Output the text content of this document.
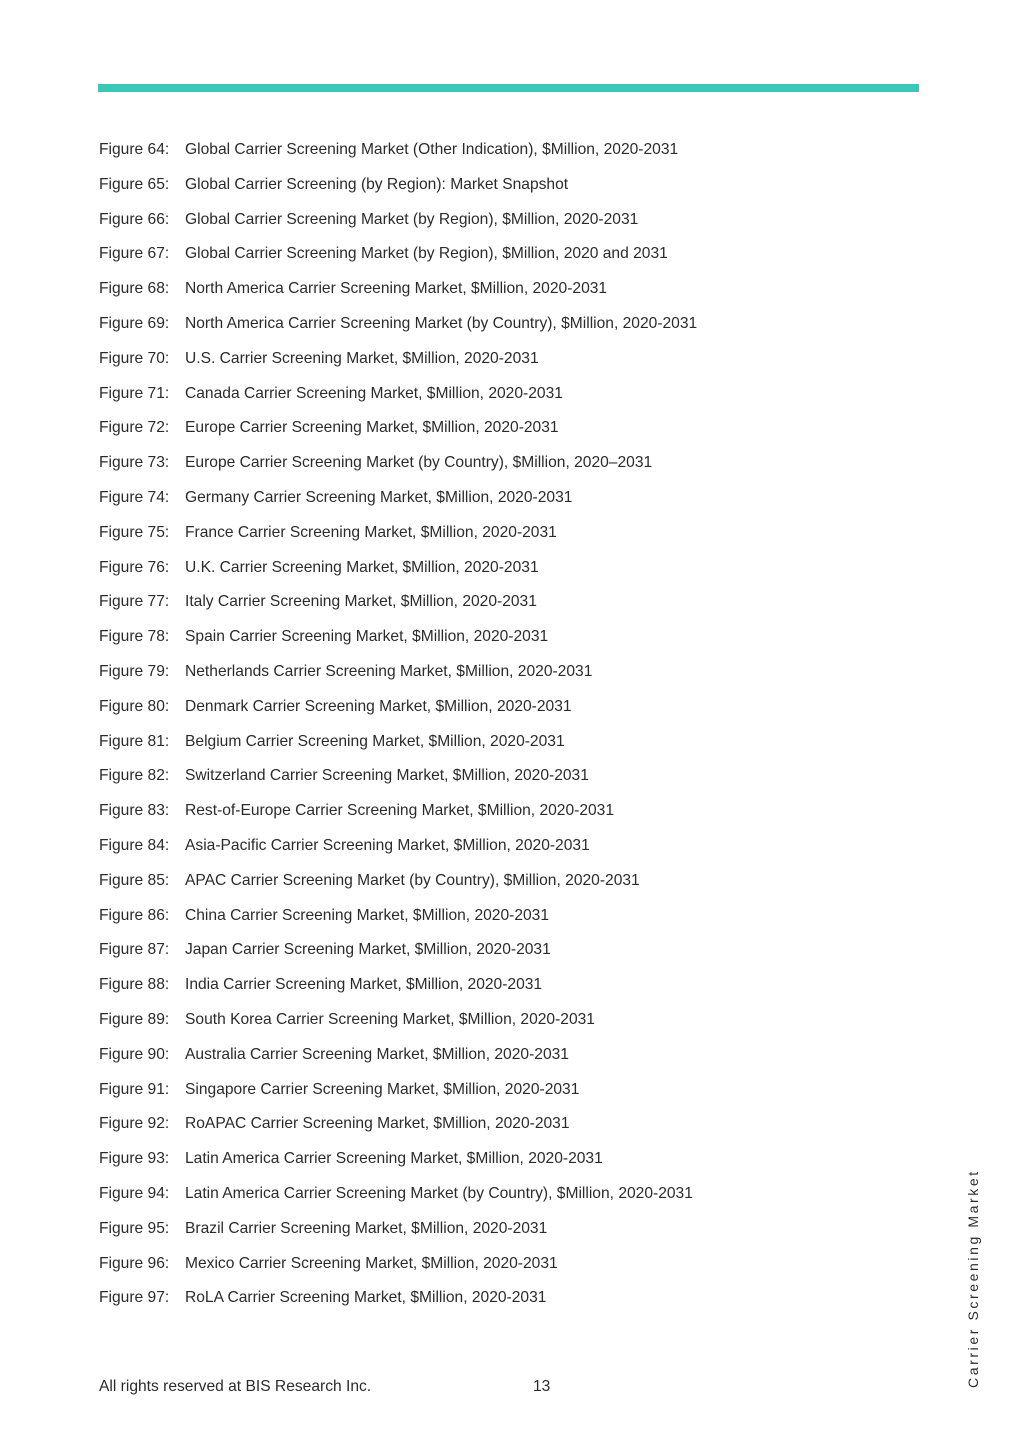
Figure 64:	Global Carrier Screening Market (Other Indication), $Million, 2020-2031
Figure 65:	Global Carrier Screening (by Region): Market Snapshot
Figure 66:	Global Carrier Screening Market (by Region), $Million, 2020-2031
Figure 67:	Global Carrier Screening Market (by Region), $Million, 2020 and 2031
Figure 68:	North America Carrier Screening Market, $Million, 2020-2031
Figure 69:	North America Carrier Screening Market (by Country), $Million, 2020-2031
Figure 70:	U.S. Carrier Screening Market, $Million, 2020-2031
Figure 71:	Canada Carrier Screening Market, $Million, 2020-2031
Figure 72:	Europe Carrier Screening Market, $Million, 2020-2031
Figure 73:	Europe Carrier Screening Market (by Country), $Million, 2020–2031
Figure 74:	Germany Carrier Screening Market, $Million, 2020-2031
Figure 75:	France Carrier Screening Market, $Million, 2020-2031
Figure 76:	U.K. Carrier Screening Market, $Million, 2020-2031
Figure 77:	Italy Carrier Screening Market, $Million, 2020-2031
Figure 78:	Spain Carrier Screening Market, $Million, 2020-2031
Figure 79:	Netherlands Carrier Screening Market, $Million, 2020-2031
Figure 80:	Denmark Carrier Screening Market, $Million, 2020-2031
Figure 81:	Belgium Carrier Screening Market, $Million, 2020-2031
Figure 82:	Switzerland Carrier Screening Market, $Million, 2020-2031
Figure 83:	Rest-of-Europe Carrier Screening Market, $Million, 2020-2031
Figure 84:	Asia-Pacific Carrier Screening Market, $Million, 2020-2031
Figure 85:	APAC Carrier Screening Market (by Country), $Million, 2020-2031
Figure 86:	China Carrier Screening Market, $Million, 2020-2031
Figure 87:	Japan Carrier Screening Market, $Million, 2020-2031
Figure 88:	India Carrier Screening Market, $Million, 2020-2031
Figure 89:	South Korea Carrier Screening Market, $Million, 2020-2031
Figure 90:	Australia Carrier Screening Market, $Million, 2020-2031
Figure 91:	Singapore Carrier Screening Market, $Million, 2020-2031
Figure 92:	RoAPAC Carrier Screening Market, $Million, 2020-2031
Figure 93:	Latin America Carrier Screening Market, $Million, 2020-2031
Figure 94:	Latin America Carrier Screening Market (by Country), $Million, 2020-2031
Figure 95:	Brazil Carrier Screening Market, $Million, 2020-2031
Figure 96:	Mexico Carrier Screening Market, $Million, 2020-2031
Figure 97:	RoLA Carrier Screening Market, $Million, 2020-2031
All rights reserved at BIS Research Inc.	13	Carrier Screening Market
